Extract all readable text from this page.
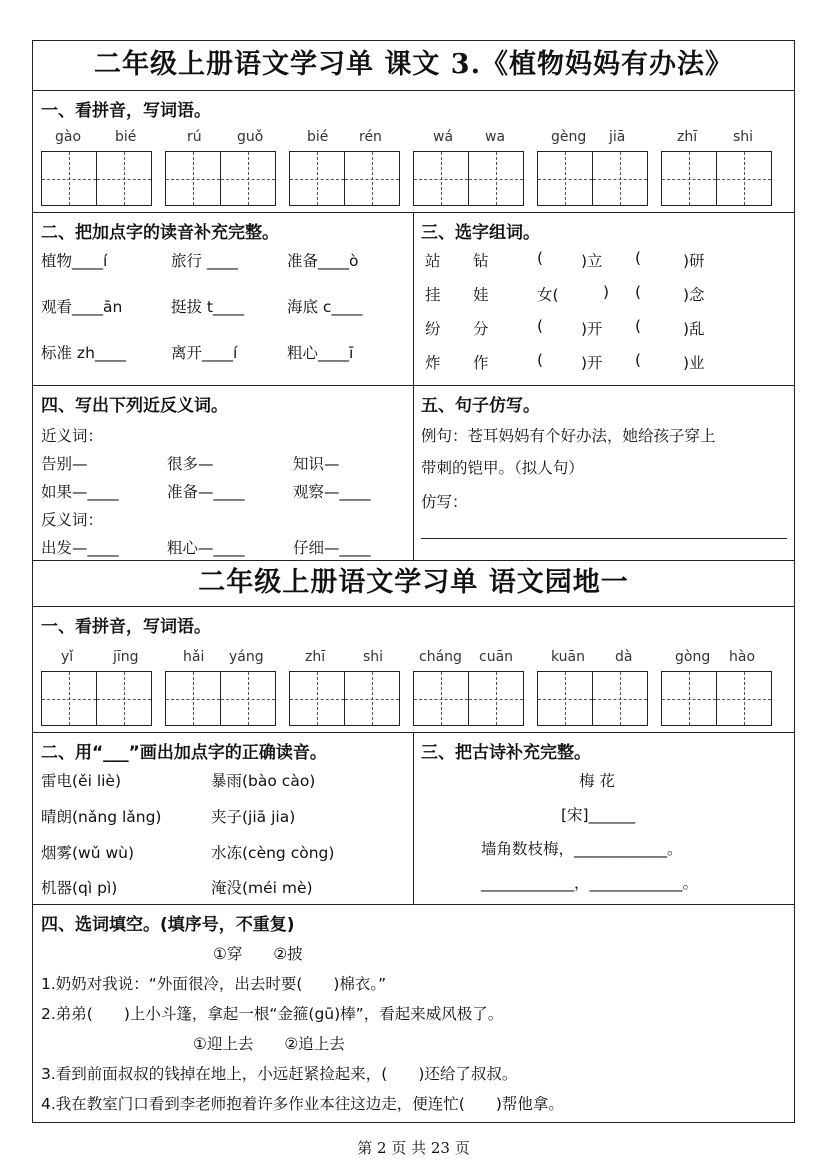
二年级上册语文学习单 课文 3.《植物妈妈有办法》
一、看拼音，写词语。
gào bié	rú	guǒ	bié rén	wá wa	gèng jiā	zhī	shi
二、把加点字的读音补充完整。
植物____í	旅行 ____	准备____ò
观看____ān	挺拔 t____	海底 c____
标准 zh____	离开____í	粗心____ī
三、选字组词。
站 钻	( )立 (	)研
挂 娃	女(	) (	)念
纷 分	( )开 (	)乱
炸 作	( )开 (	)业
四、写出下列近反义词。
近义词：
告别—	很多—	知识—
如果—____	准备—____	观察—____
反义词：
出发—____	粗心—____	仔细—____
五、句子仿写。
例句：苍耳妈妈有个好办法，她给孩子穿上
带刺的铠甲。（拟人句）
仿写：
二年级上册语文学习单 语文园地一
一、看拼音，写词语。
yǐ	jīng	hǎi yáng	zhī	shi	cháng cuān	kuān dà	gòng hào
二、用“___”画出加点字的正确读音。
雷电(ěi liè)	暴雨(bào cào)
晴朗(nǎng lǎng)	夹子(jiā jia)
烟雾(wǔ wù)	水冻(cèng còng)
机器(qì pì)	淹没(méi mè)
三、把古诗补充完整。
梅 花
[宋]______
墙角数枝梅，____________。
____________，____________。
四、选词填空。(填序号，不重复)
①穿　　②披
1.奶奶对我说：“外面很冷，出去时要(　　)棉衣。”
2.弟弟(　　)上小斗篷，拿起一根“金箍(gū)棒”，看起来威风极了。
①迎上去　　②追上去
3.看到前面叔叔的钱掉在地上，小远赶紧捡起来，(　　)还给了叔叔。
4.我在教室门口看到李老师抱着许多作业本往这边走，便连忙(　　)帮他拿。
第 2 页 共 23 页
